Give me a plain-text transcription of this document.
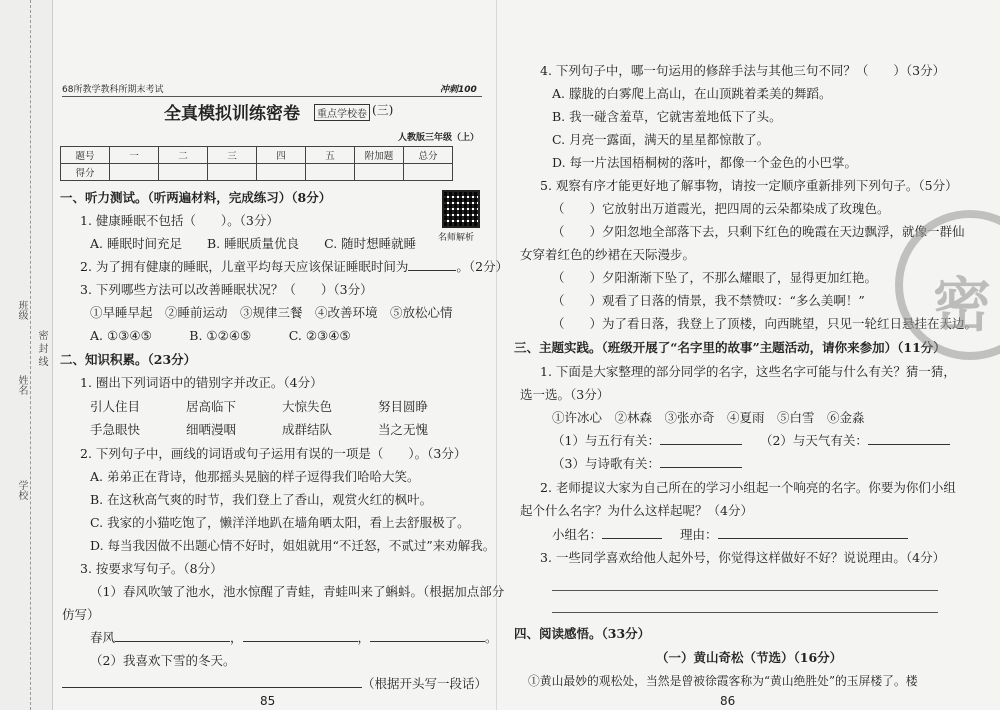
班级
姓名
密 封 线
学校
68所教学教科所期末考试	冲刺100
全真模拟训练密卷	重点学校卷 (三)
人教版三年级（上）
题号	一	二	三	四	五	附加题	总分
得分							
名师解析
一、听力测试。（听两遍材料，完成练习）（8分）
1. 健康睡眠不包括（　　）。（3分）
A. 睡眠时间充足　　B. 睡眠质量优良　　C. 随时想睡就睡
2. 为了拥有健康的睡眠，儿童平均每天应该保证睡眠时间为	。（2分）
3. 下列哪些方法可以改善睡眠状况？（　　）（3分）
①早睡早起　②睡前运动　③规律三餐　④改善环境　⑤放松心情
A. ①③④⑤　　　B. ①②④⑤　　　C. ②③④⑤
二、知识积累。（23分）
1. 圈出下列词语中的错别字并改正。（4分）
引人住目	居高临下	大惊失色	努目圆睁
手急眼快	细哂漫咽	成群结队	当之无愧
2. 下列句子中，画线的词语或句子运用有误的一项是（　　）。（3分）
A. 弟弟正在背诗，他那摇头晃脑的样子逗得我们哈哈大笑。
B. 在这秋高气爽的时节，我们登上了香山，观赏火红的枫叶。
C. 我家的小猫吃饱了，懒洋洋地趴在墙角晒太阳，看上去舒服极了。
D. 每当我因做不出题心情不好时，姐姐就用“不迁怒，不贰过”来劝解我。
3. 按要求写句子。（8分）
（1）春风吹皱了池水，池水惊醒了青蛙，青蛙叫来了蝌蚪。（根据加点部分
仿写）
春风	，	，	。
（2）我喜欢下雪的冬天。
（根据开头写一段话）
85
4. 下列句子中，哪一句运用的修辞手法与其他三句不同？（　　）（3分）
A. 朦胧的白雾爬上高山，在山顶跳着柔美的舞蹈。
B. 我一碰含羞草，它就害羞地低下了头。
C. 月亮一露面，满天的星星都惊散了。
D. 每一片法国梧桐树的落叶，都像一个金色的小巴掌。
5. 观察有序才能更好地了解事物，请按一定顺序重新排列下列句子。（5分）
（　　）它放射出万道霞光，把四周的云朵都染成了玫瑰色。
（　　）夕阳忽地全部落下去，只剩下红色的晚霞在天边飘浮，就像一群仙
女穿着红色的纱裙在天际漫步。
（　　）夕阳渐渐下坠了，不那么耀眼了，显得更加红艳。
（　　）观看了日落的情景，我不禁赞叹：“多么美啊！”
（　　）为了看日落，我登上了顶楼，向西眺望，只见一轮红日悬挂在天边。
三、主题实践。（班级开展了“名字里的故事”主题活动，请你来参加）（11分）
1. 下面是大家整理的部分同学的名字，这些名字可能与什么有关？猜一猜，
选一选。（3分）
①许冰心　②林森　③张亦奇　④夏雨　⑤白雪　⑥金淼
（1）与五行有关：	（2）与天气有关：
（3）与诗歌有关：
2. 老师提议大家为自己所在的学习小组起一个响亮的名字。你要为你们小组
起个什么名字？为什么这样起呢？（4分）
小组名：	理由：
3. 一些同学喜欢给他人起外号，你觉得这样做好不好？说说理由。（4分）
四、阅读感悟。（33分）
（一）黄山奇松（节选）（16分）
①黄山最妙的观松处，当然是曾被徐霞客称为“黄山绝胜处”的玉屏楼了。楼
86
密
